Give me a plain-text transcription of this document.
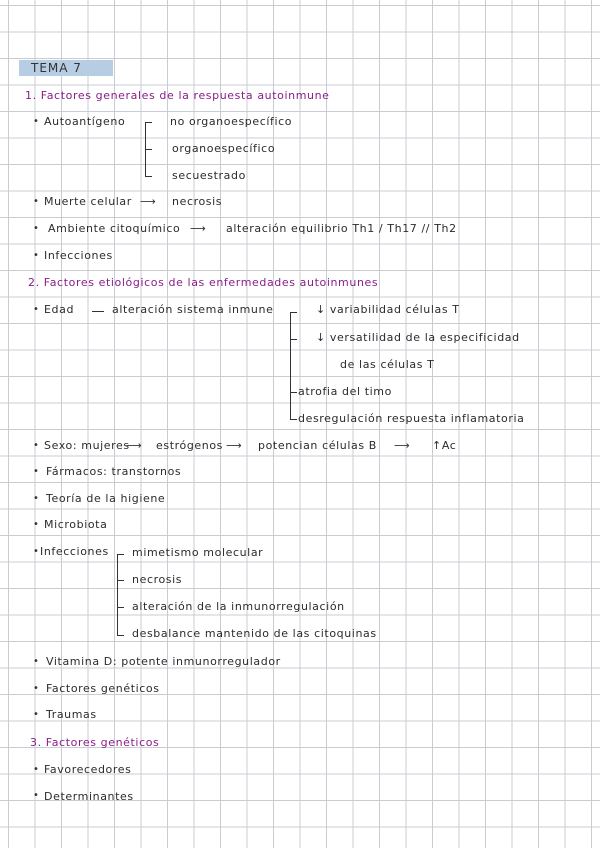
TEMA 7
1. Factores generales de la respuesta autoinmune
• Autoantígeno	no organoespecífico
organoespecífico
secuestrado
• Muerte celular ⟶ necrosis
• Ambiente citoquímico ⟶ alteración equilibrio Th1 / Th17 // Th2
• Infecciones
2. Factores etiológicos de las enfermedades autoinmunes
• Edad	alteración sistema inmune	↓ variabilidad células T
↓ versatilidad de la especificidad
de las células T
atrofia del timo
desregulación respuesta inflamatoria
• Sexo: mujeres
⟶ estrógenos ⟶ potencian células B ⟶ ↑Ac
• Fármacos: transtornos
• Teoría de la higiene
• Microbiota
• Infecciones mimetismo molecular
necrosis
alteración de la inmunorregulación
desbalance mantenido de las citoquinas
• Vitamina D: potente inmunorregulador
• Factores genéticos
• Traumas
3. Factores genéticos
• Favorecedores
• Determinantes
